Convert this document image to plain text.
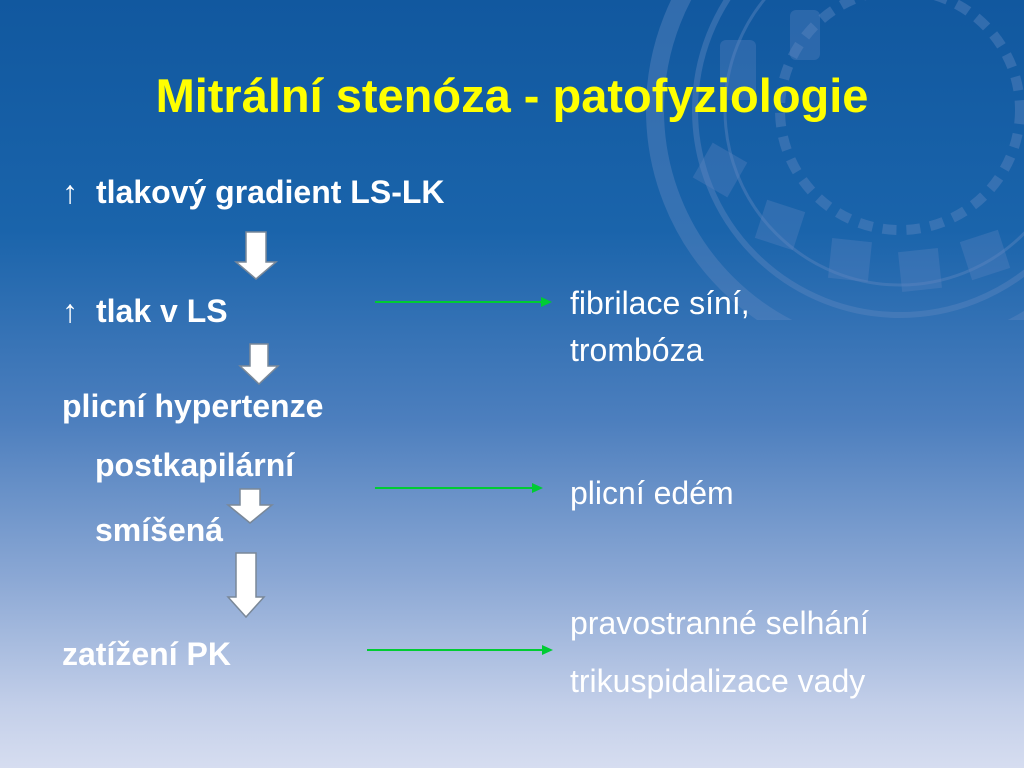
Mitrální stenóza - patofyziologie
↑ tlakový gradient LS-LK
↑ tlak v LS
plicní hypertenze
postkapilární
smíšená
zatížení PK
fibrilace síní,
trombóza
plicní edém
pravostranné selhání
trikuspidalizace vady
